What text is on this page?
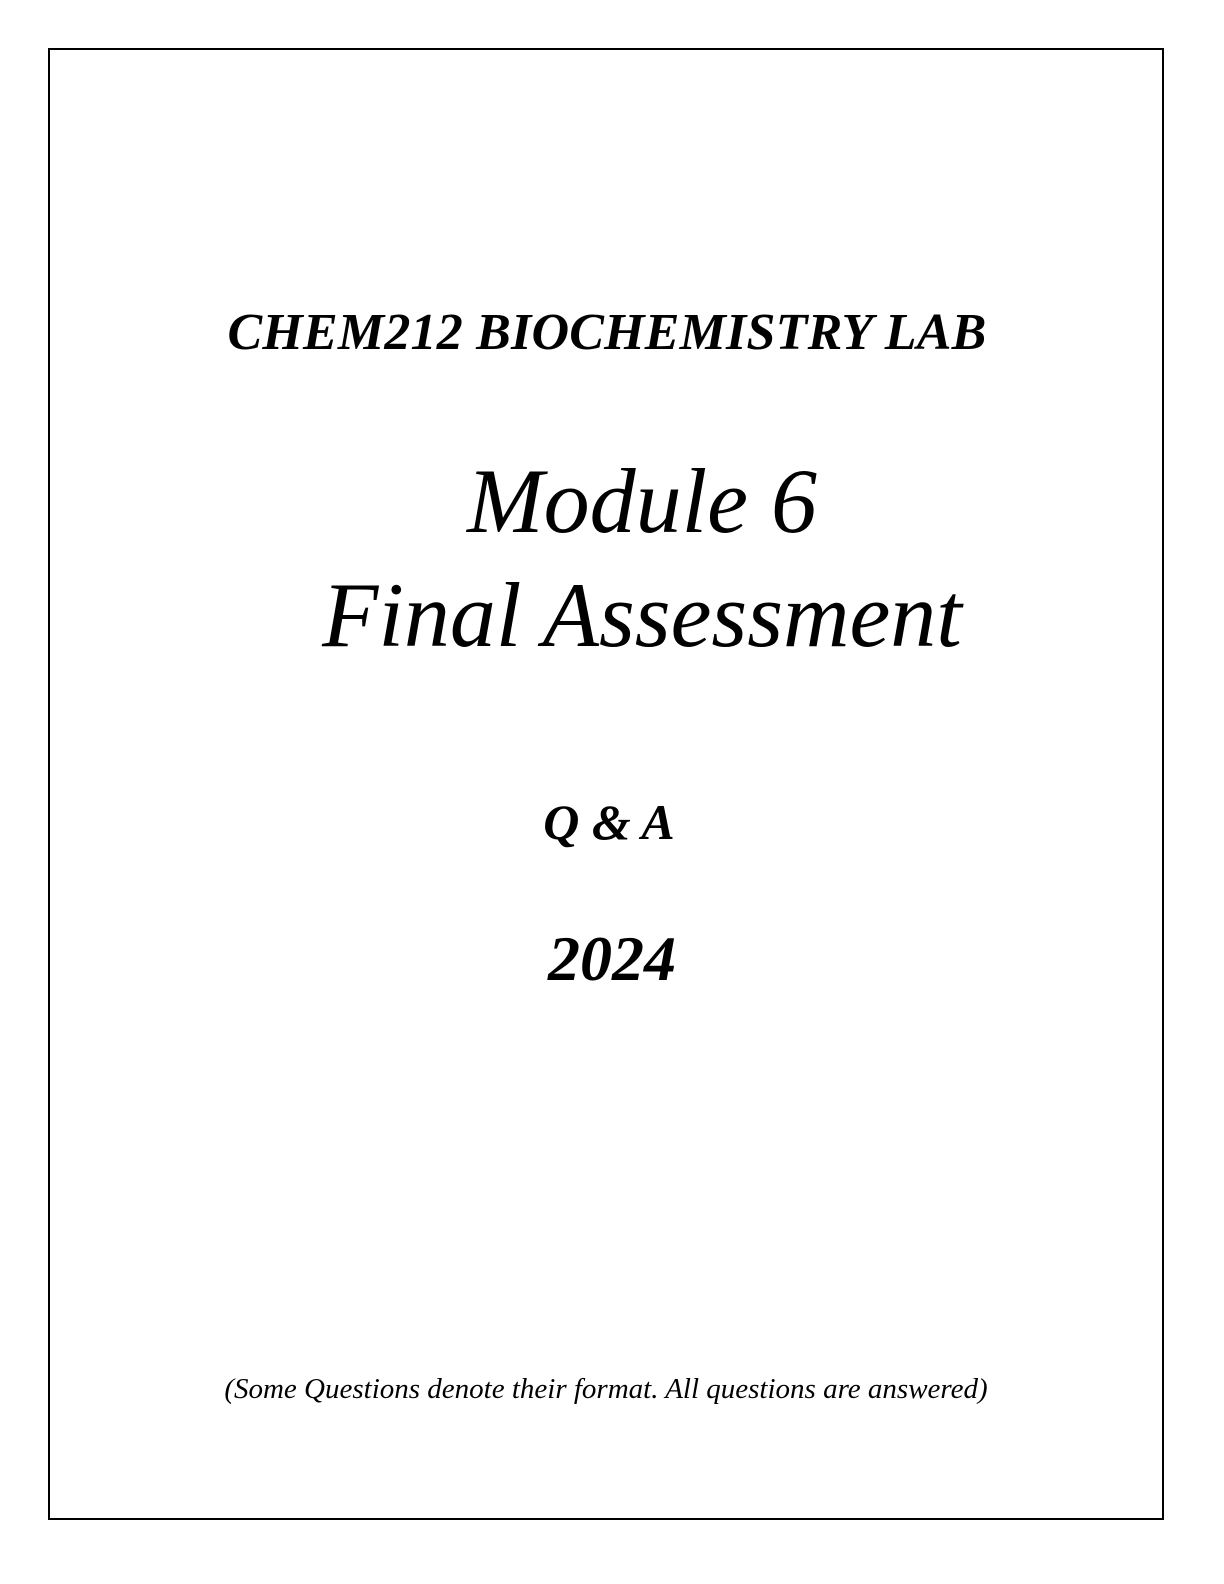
CHEM212 BIOCHEMISTRY LAB
Module 6
Final Assessment
Q & A
2024
(Some Questions denote their format. All questions are answered)
